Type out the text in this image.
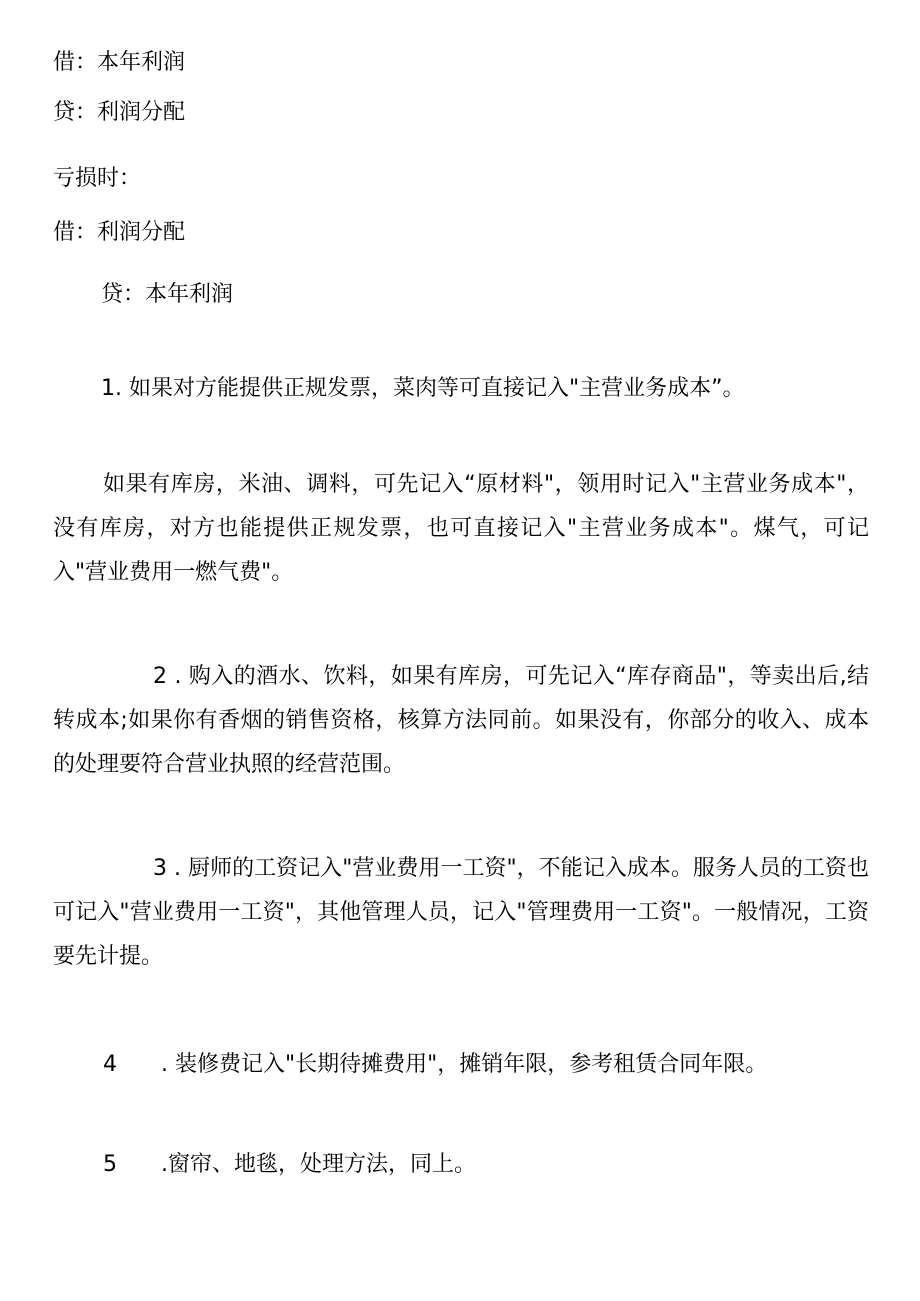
借：本年利润
贷：利润分配
亏损时：
借：利润分配
贷：本年利润
1. 如果对方能提供正规发票，菜肉等可直接记入"主营业务成本”。
如果有库房，米油、调料，可先记入“原材料"，领用时记入"主营业务成本"，没有库房，对方也能提供正规发票，也可直接记入"主营业务成本"。煤气，可记入"营业费用一燃气费"。
2 . 购入的酒水、饮料，如果有库房，可先记入“库存商品"，等卖出后,结转成本;如果你有香烟的销售资格，核算方法同前。如果没有，你部分的收入、成本的处理要符合营业执照的经营范围。
3 . 厨师的工资记入"营业费用一工资"，不能记入成本。服务人员的工资也可记入"营业费用一工资"，其他管理人员，记入"管理费用一工资"。一般情况，工资要先计提。
4 . 装修费记入"长期待摊费用"，摊销年限，参考租赁合同年限。
5 .窗帘、地毯，处理方法，同上。
